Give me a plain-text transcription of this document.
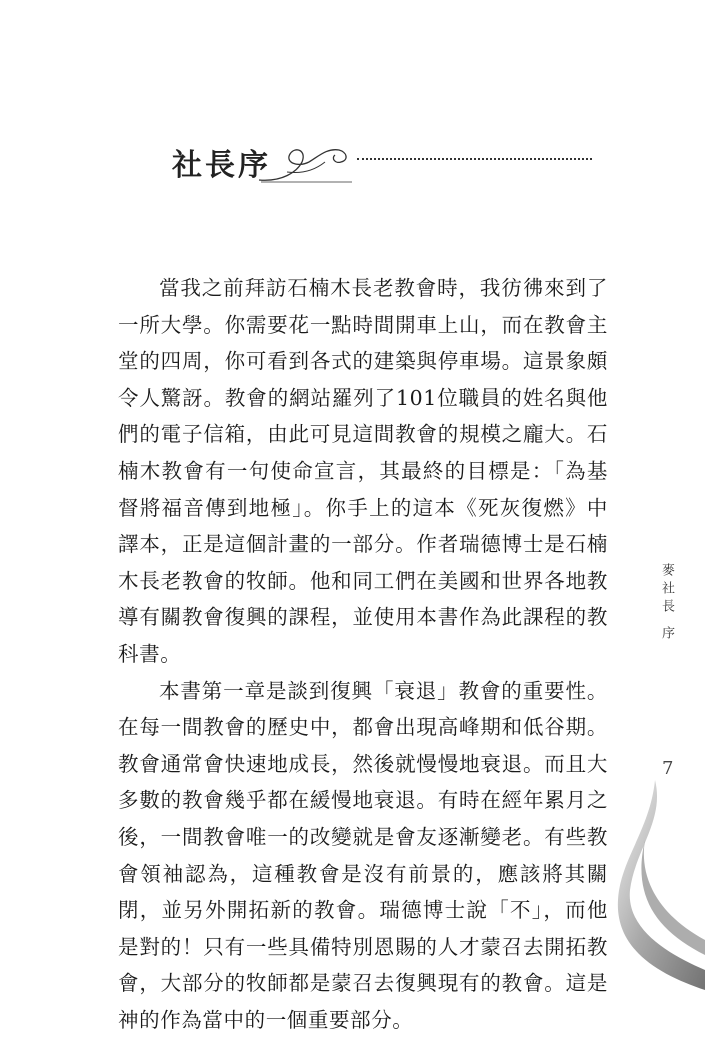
社長序

當我之前拜訪石楠木長老教會時，我彷彿來到了一所大學。你需要花一點時間開車上山，而在教會主堂的四周，你可看到各式的建築與停車場。這景象頗令人驚訝。教會的網站羅列了101位職員的姓名與他們的電子信箱，由此可見這間教會的規模之龐大。石楠木教會有一句使命宣言，其最終的目標是：「為基督將福音傳到地極」。你手上的這本《死灰復燃》中譯本，正是這個計畫的一部分。作者瑞德博士是石楠木長老教會的牧師。他和同工們在美國和世界各地教導有關教會復興的課程，並使用本書作為此課程的教科書。

本書第一章是談到復興「衰退」教會的重要性。在每一間教會的歷史中，都會出現高峰期和低谷期。教會通常會快速地成長，然後就慢慢地衰退。而且大多數的教會幾乎都在緩慢地衰退。有時在經年累月之後，一間教會唯一的改變就是會友逐漸變老。有些教會領袖認為，這種教會是沒有前景的，應該將其關閉，並另外開拓新的教會。瑞德博士說「不」，而他是對的！只有一些具備特別恩賜的人才蒙召去開拓教會，大部分的牧師都是蒙召去復興現有的教會。這是神的作為當中的一個重要部分。

麥社長 序
7
